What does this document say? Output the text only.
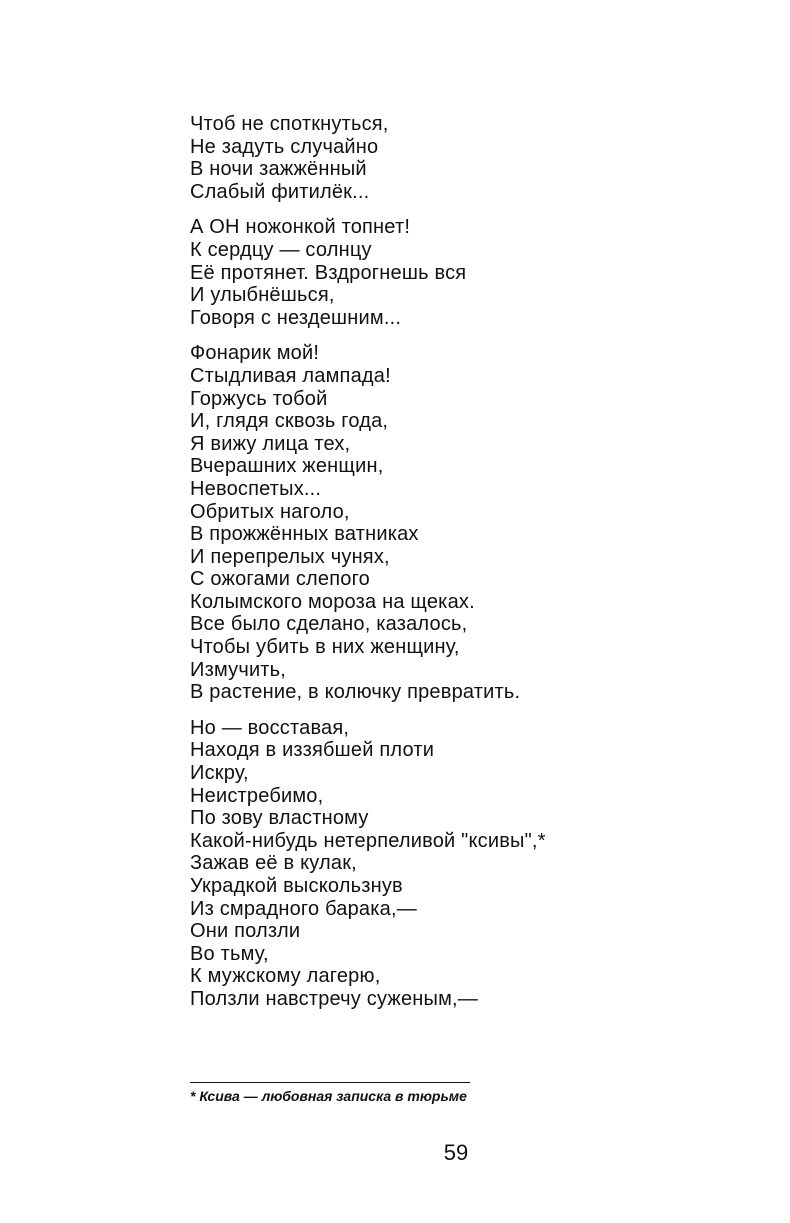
Чтоб не споткнуться,
Не задуть случайно
В ночи зажжённый
Слабый фитилёк...
А ОН ножонкой топнет!
К сердцу — солнцу
Её протянет. Вздрогнешь вся
И улыбнёшься,
Говоря с нездешним...
Фонарик мой!
Стыдливая лампада!
Горжусь тобой
И, глядя сквозь года,
Я вижу лица тех,
Вчерашних женщин,
Невоспетых...
Обритых наголо,
В прожжённых ватниках
И перепрелых чунях,
С ожогами слепого
Колымского мороза на щеках.
Все было сделано, казалось,
Чтобы убить в них женщину,
Измучить,
В растение, в колючку превратить.
Но — восставая,
Находя в иззябшей плоти
Искру,
Неистребимо,
По зову властному
Какой-нибудь нетерпеливой "ксивы",*
Зажав её в кулак,
Украдкой выскользнув
Из смрадного барака,—
Они ползли
Во тьму,
К мужскому лагерю,
Ползли навстречу суженым,—
* Ксива — любовная записка в тюрьме
59
